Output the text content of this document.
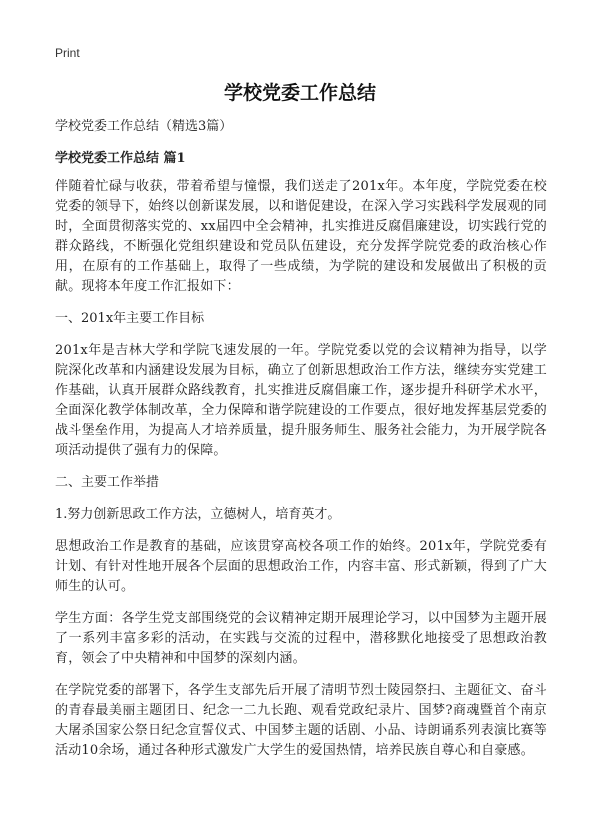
Print
学校党委工作总结
学校党委工作总结（精选3篇）
学校党委工作总结 篇1

伴随着忙碌与收获，带着希望与憧憬，我们送走了201x年。本年度，学院党委在校党委的领导下，始终以创新谋发展，以和谐促建设，在深入学习实践科学发展观的同时，全面贯彻落实党的、xx届四中全会精神，扎实推进反腐倡廉建设，切实践行党的群众路线，不断强化党组织建设和党员队伍建设，充分发挥学院党委的政治核心作用，在原有的工作基础上，取得了一些成绩，为学院的建设和发展做出了积极的贡献。现将本年度工作汇报如下：

一、201x年主要工作目标

201x年是吉林大学和学院飞速发展的一年。学院党委以党的会议精神为指导，以学院深化改革和内涵建设发展为目标，确立了创新思想政治工作方法，继续夯实党建工作基础，认真开展群众路线教育，扎实推进反腐倡廉工作，逐步提升科研学术水平，全面深化教学体制改革，全力保障和谐学院建设的工作要点，很好地发挥基层党委的战斗堡垒作用，为提高人才培养质量，提升服务师生、服务社会能力，为开展学院各项活动提供了强有力的保障。

二、主要工作举措

1.努力创新思政工作方法，立德树人，培育英才。

思想政治工作是教育的基础，应该贯穿高校各项工作的始终。201x年，学院党委有计划、有针对性地开展各个层面的思想政治工作，内容丰富、形式新颖，得到了广大师生的认可。

学生方面：各学生党支部围绕党的会议精神定期开展理论学习，以中国梦为主题开展了一系列丰富多彩的活动，在实践与交流的过程中，潜移默化地接受了思想政治教育，领会了中央精神和中国梦的深刻内涵。

在学院党委的部署下，各学生支部先后开展了清明节烈士陵园祭扫、主题征文、奋斗的青春最美丽主题团日、纪念一二九长跑、观看党政纪录片、国梦?商魂暨首个南京大屠杀国家公祭日纪念宣誓仪式、中国梦主题的话剧、小品、诗朗诵系列表演比赛等活动10余场，通过各种形式激发广大学生的爱国热情，培养民族自尊心和自豪感。
